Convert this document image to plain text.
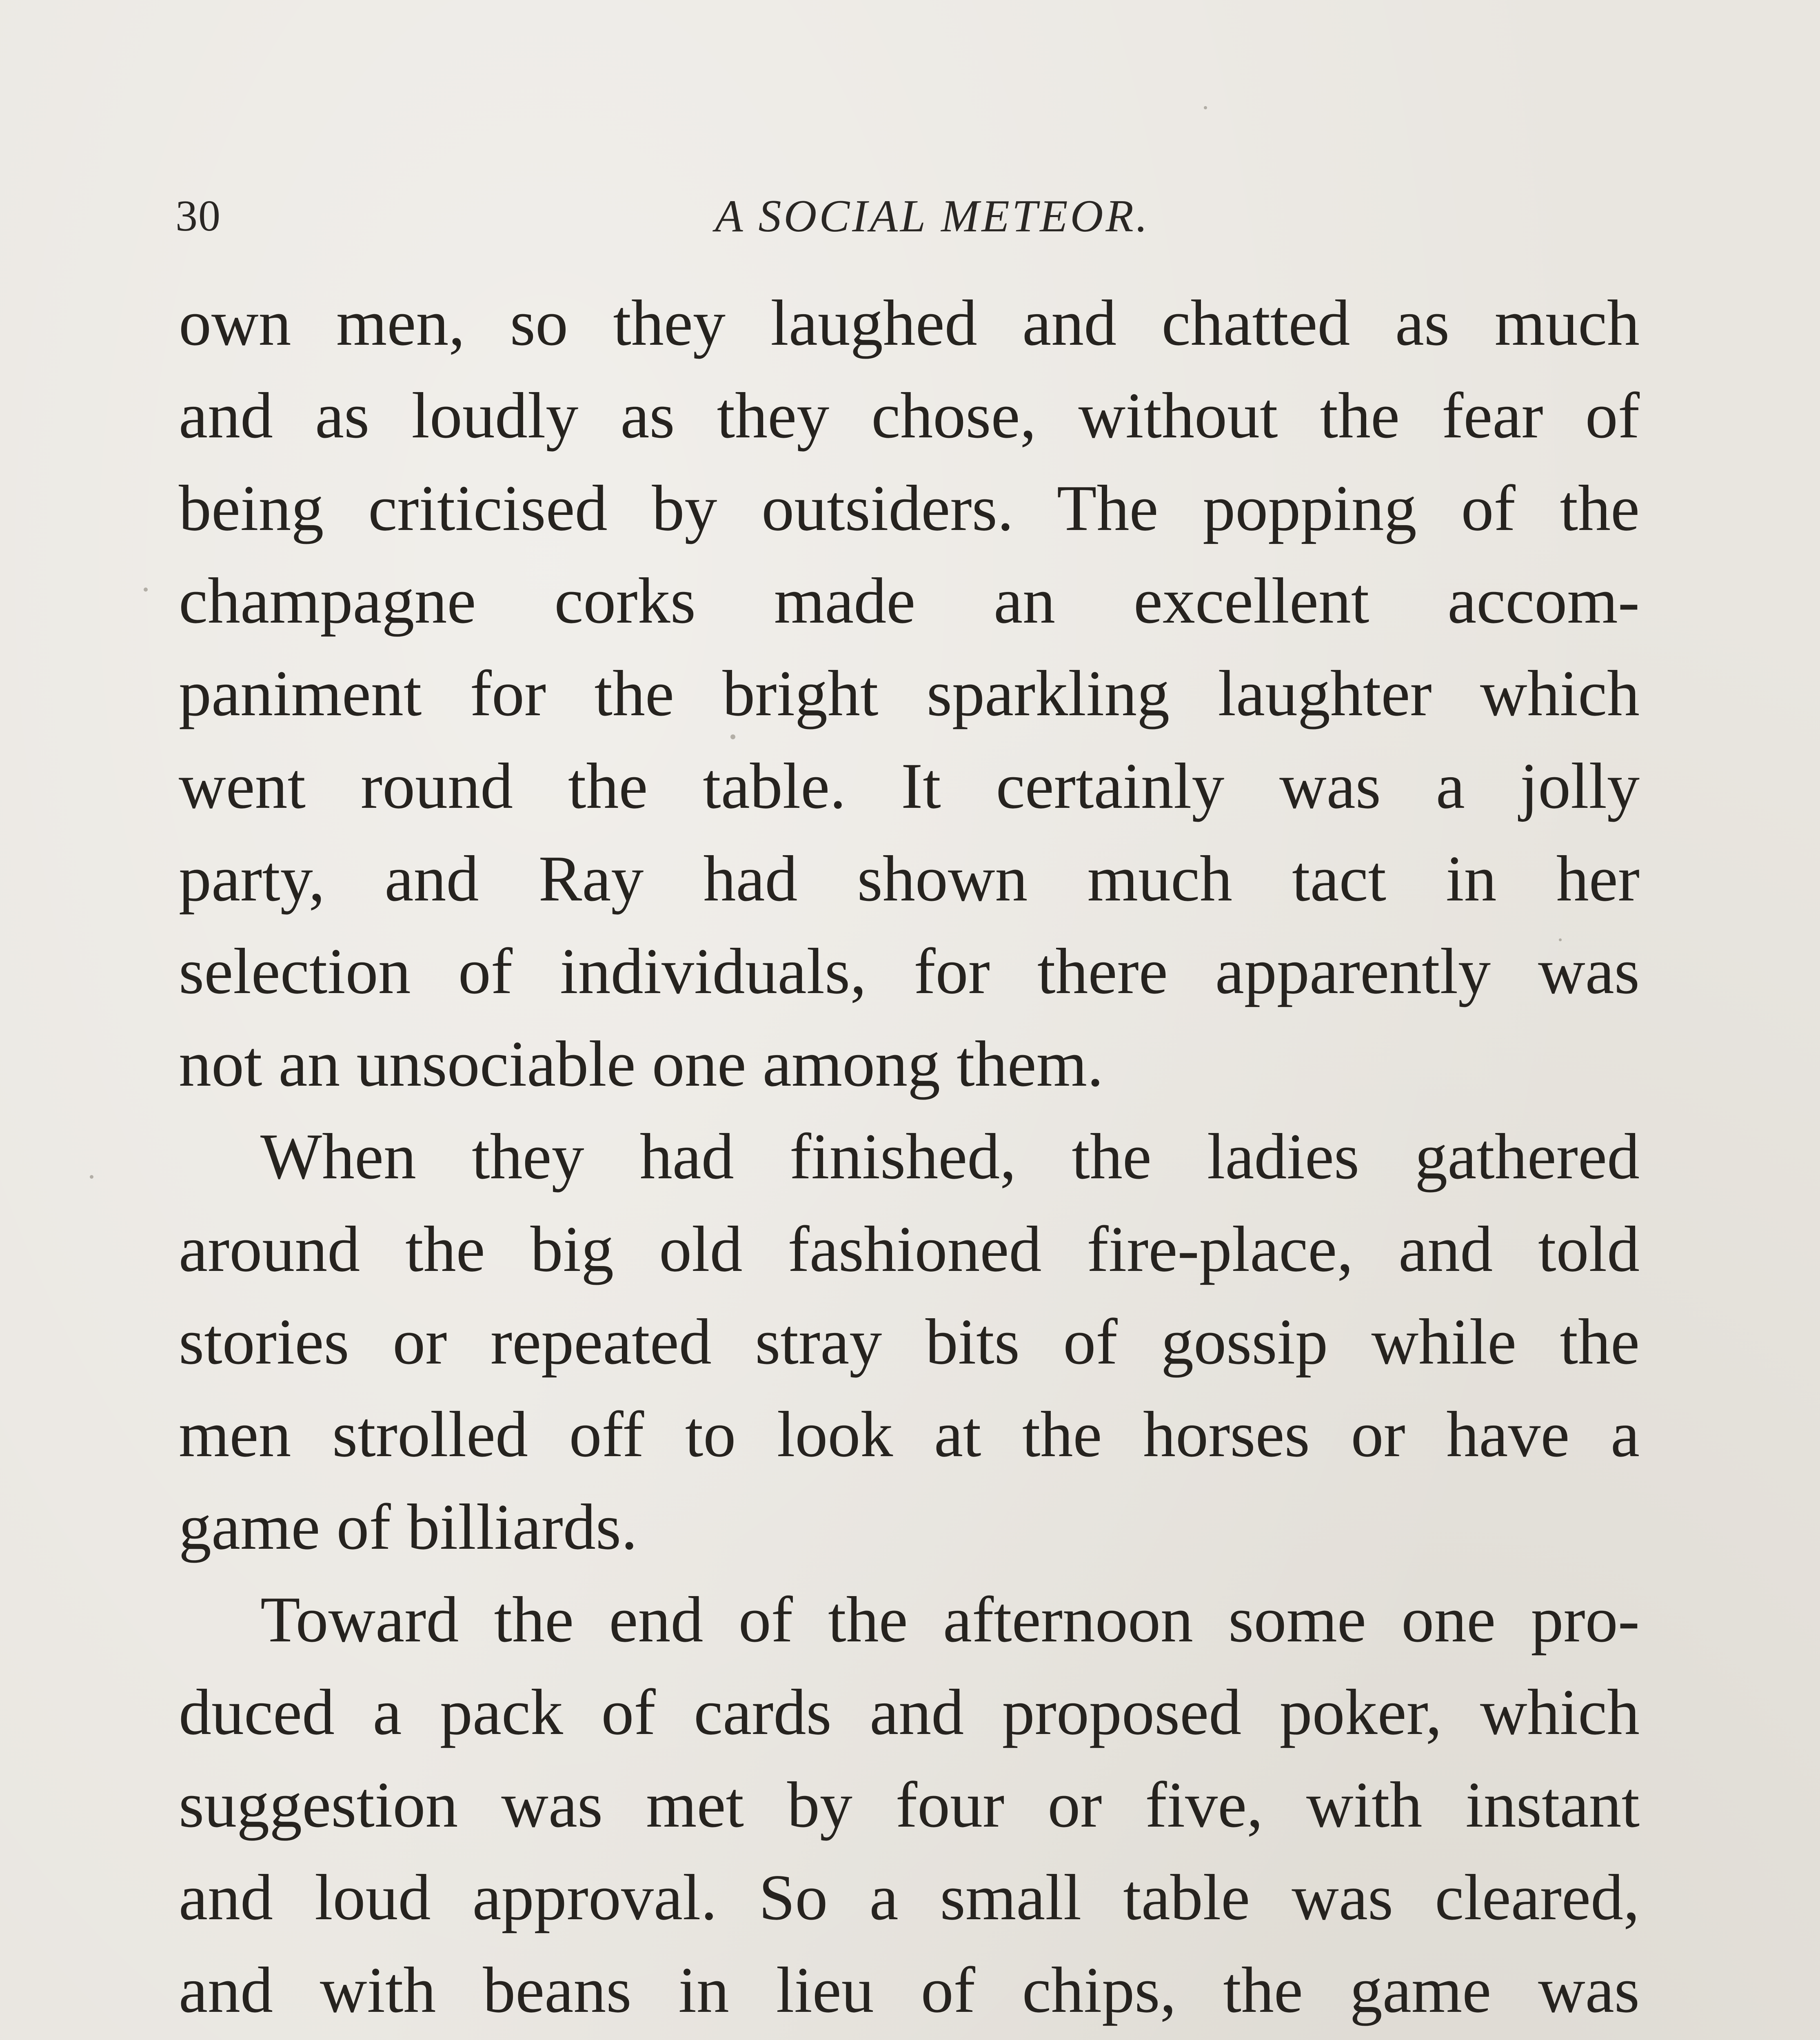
30	A SOCIAL METEOR.
own men, so they laughed and chatted as much
and as loudly as they chose, without the fear of
being criticised by outsiders. The popping of the
champagne corks made an excellent accom-
paniment for the bright sparkling laughter which
went round the table. It certainly was a jolly
party, and Ray had shown much tact in her
selection of individuals, for there apparently was
not an unsociable one among them.
When they had finished, the ladies gathered
around the big old fashioned fire-place, and told
stories or repeated stray bits of gossip while the
men strolled off to look at the horses or have a
game of billiards.
Toward the end of the afternoon some one pro-
duced a pack of cards and proposed poker, which
suggestion was met by four or five, with instant
and loud approval. So a small table was cleared,
and with beans in lieu of chips, the game was
